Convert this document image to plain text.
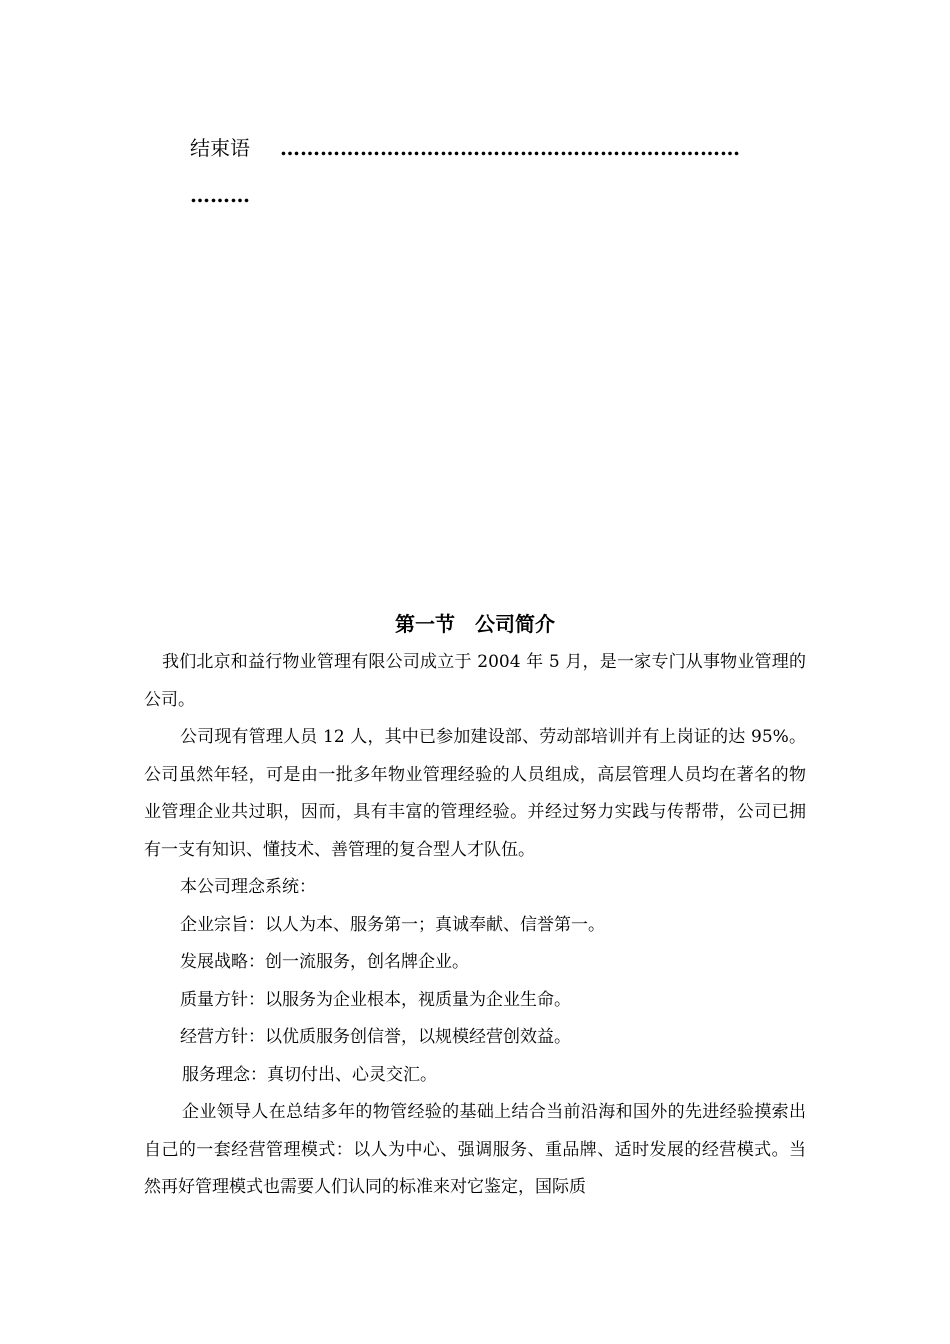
结束语 ……………………………………………………………
………
第一节　公司简介

我们北京和益行物业管理有限公司成立于 2004 年 5 月，是一家专门从事物业管理的公司。

公司现有管理人员 12 人，其中已参加建设部、劳动部培训并有上岗证的达 95%。公司虽然年轻，可是由一批多年物业管理经验的人员组成，高层管理人员均在著名的物业管理企业共过职，因而，具有丰富的管理经验。并经过努力实践与传帮带，公司已拥有一支有知识、懂技术、善管理的复合型人才队伍。

本公司理念系统：

企业宗旨：以人为本、服务第一；真诚奉献、信誉第一。

发展战略：创一流服务，创名牌企业。

质量方针：以服务为企业根本，视质量为企业生命。

经营方针：以优质服务创信誉，以规模经营创效益。

服务理念：真切付出、心灵交汇。

企业领导人在总结多年的物管经验的基础上结合当前沿海和国外的先进经验摸索出自己的一套经营管理模式：以人为中心、强调服务、重品牌、适时发展的经营模式。当然再好管理模式也需要人们认同的标准来对它鉴定，国际质
